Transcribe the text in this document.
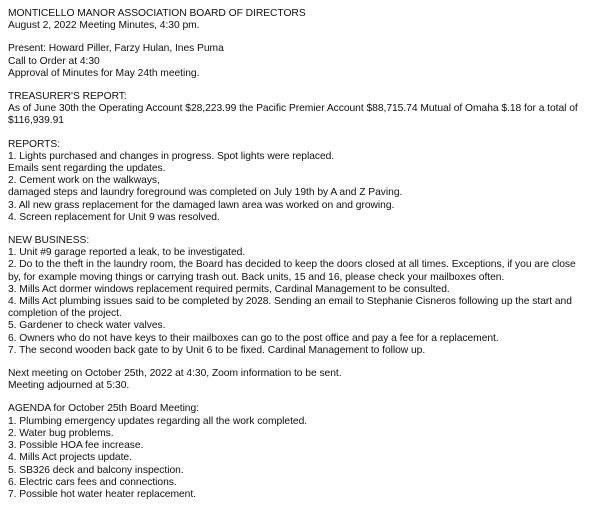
MONTICELLO MANOR ASSOCIATION BOARD OF DIRECTORS
August 2, 2022 Meeting Minutes, 4:30 pm.
Present: Howard Piller, Farzy Hulan, Ines Puma
Call to Order at 4:30
Approval of Minutes for May 24th meeting.
TREASURER'S REPORT:
As of June 30th the Operating Account $28,223.99 the Pacific Premier Account $88,715.74 Mutual of Omaha $.18 for a total of $116,939.91
REPORTS:
1. Lights purchased and changes in progress. Spot lights were replaced.
Emails sent regarding the updates.
2. Cement work on the walkways,
damaged steps and laundry foreground was completed on July 19th by A and Z Paving.
3. All new grass replacement for the damaged lawn area was worked on and growing.
4. Screen replacement for Unit 9 was resolved.
NEW BUSINESS:
1. Unit #9 garage reported a leak, to be investigated.
2. Do to the theft in the laundry room, the Board has decided to keep the doors closed at all times. Exceptions, if you are close by, for example moving things or carrying trash out. Back units, 15 and 16, please check your mailboxes often.
3. Mills Act dormer windows replacement required permits, Cardinal Management to be consulted.
4. Mills Act plumbing issues said to be completed by 2028. Sending an email to Stephanie Cisneros following up the start and completion of the project.
5. Gardener to check water valves.
6. Owners who do not have keys to their mailboxes can go to the post office and pay a fee for a replacement.
7. The second wooden back gate to by Unit 6 to be fixed. Cardinal Management to follow up.
Next meeting on October 25th, 2022 at 4:30, Zoom information to be sent.
Meeting adjourned at 5:30.
AGENDA for October 25th Board Meeting:
1. Plumbing emergency updates regarding all the work completed.
2. Water bug problems.
3. Possible HOA fee increase.
4. Mills Act projects update.
5. SB326 deck and balcony inspection.
6. Electric cars fees and connections.
7. Possible hot water heater replacement.
